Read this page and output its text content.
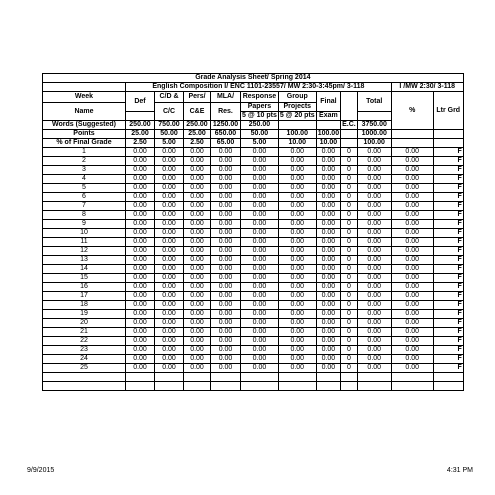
Grade Analysis Sheet/ Spring 2014											
	English Composition I/ ENC 1101-23557/ MW 2:30-3:45pm/ 3-118									I /MW 2:30/ 3-118	
Week	Def	C/D &	Pers/	MLA/	Response	Group	Final		Total	%	Ltr Grd
Name		C/C	C&E	Res.	Papers	Projects					
					5 @ 10 pts	5 @ 20 pts	Exam				
Words (Suggested)	250.00	750.00	250.00	1250.00	250.00			E.C.	3750.00		
Points	25.00	50.00	25.00	650.00	50.00	100.00	100.00		1000.00		
% of Final Grade	2.50	5.00	2.50	65.00	5.00	10.00	10.00		100.00		
1	0.00	0.00	0.00	0.00	0.00	0.00	0.00	0	0.00	0.00	F
2	0.00	0.00	0.00	0.00	0.00	0.00	0.00	0	0.00	0.00	F
3	0.00	0.00	0.00	0.00	0.00	0.00	0.00	0	0.00	0.00	F
4	0.00	0.00	0.00	0.00	0.00	0.00	0.00	0	0.00	0.00	F
5	0.00	0.00	0.00	0.00	0.00	0.00	0.00	0	0.00	0.00	F
6	0.00	0.00	0.00	0.00	0.00	0.00	0.00	0	0.00	0.00	F
7	0.00	0.00	0.00	0.00	0.00	0.00	0.00	0	0.00	0.00	F
8	0.00	0.00	0.00	0.00	0.00	0.00	0.00	0	0.00	0.00	F
9	0.00	0.00	0.00	0.00	0.00	0.00	0.00	0	0.00	0.00	F
10	0.00	0.00	0.00	0.00	0.00	0.00	0.00	0	0.00	0.00	F
11	0.00	0.00	0.00	0.00	0.00	0.00	0.00	0	0.00	0.00	F
12	0.00	0.00	0.00	0.00	0.00	0.00	0.00	0	0.00	0.00	F
13	0.00	0.00	0.00	0.00	0.00	0.00	0.00	0	0.00	0.00	F
14	0.00	0.00	0.00	0.00	0.00	0.00	0.00	0	0.00	0.00	F
15	0.00	0.00	0.00	0.00	0.00	0.00	0.00	0	0.00	0.00	F
16	0.00	0.00	0.00	0.00	0.00	0.00	0.00	0	0.00	0.00	F
17	0.00	0.00	0.00	0.00	0.00	0.00	0.00	0	0.00	0.00	F
18	0.00	0.00	0.00	0.00	0.00	0.00	0.00	0	0.00	0.00	F
19	0.00	0.00	0.00	0.00	0.00	0.00	0.00	0	0.00	0.00	F
20	0.00	0.00	0.00	0.00	0.00	0.00	0.00	0	0.00	0.00	F
21	0.00	0.00	0.00	0.00	0.00	0.00	0.00	0	0.00	0.00	F
22	0.00	0.00	0.00	0.00	0.00	0.00	0.00	0	0.00	0.00	F
23	0.00	0.00	0.00	0.00	0.00	0.00	0.00	0	0.00	0.00	F
24	0.00	0.00	0.00	0.00	0.00	0.00	0.00	0	0.00	0.00	F
25	0.00	0.00	0.00	0.00	0.00	0.00	0.00	0	0.00	0.00	F

9/9/2015	4:31 PM
